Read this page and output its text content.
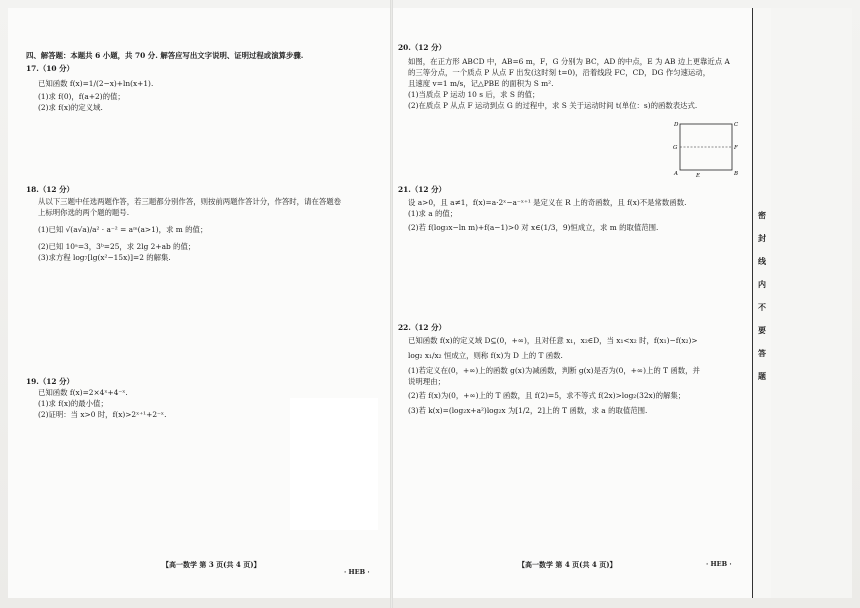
密封线内不要答题
四、解答题：本题共 6 小题，共 70 分. 解答应写出文字说明、证明过程或演算步骤.
17.（10 分）
已知函数 f(x)=1/(2−x)+ln(x+1).
(1)求 f(0)，f(a+2)的值；
(2)求 f(x)的定义域.
18.（12 分）
从以下三题中任选两题作答，若三题都分别作答，则按前两题作答计分，作答时，请在答题卷
上标明你选的两个题的题号.
(1)已知 √(a√a)/a² · a⁻² = aᵐ(a>1)，求 m 的值；
(2)已知 10ᵃ=3，3ᵇ=25，求 2lg 2+ab 的值；
(3)求方程 log₇[lg(x²−15x)]=2 的解集.
19.（12 分）
已知函数 f(x)=2×4ˣ+4⁻ˣ.
(1)求 f(x)的最小值；
(2)证明：当 x>0 时，f(x)>2ˣ⁺¹+2⁻ˣ.
【高一数学 第 3 页(共 4 页)】
· HEB ·
20.（12 分）
如图，在正方形 ABCD 中，AB=6 m，F，G 分别为 BC，AD 的中点，E 为 AB 边上更靠近点 A
的三等分点，一个质点 P 从点 F 出发(这时刻 t=0)，沿着线段 FC，CD，DG 作匀速运动，
且速度 v=1 m/s，记△PBE 的面积为 S m².
(1)当质点 P 运动 10 s 后，求 S 的值；
(2)在质点 P 从点 F 运动到点 G 的过程中，求 S 关于运动时间 t(单位：s)的函数表达式.
D	C
G	F
A	E	B
21.（12 分）
设 a>0，且 a≠1，f(x)=a·2ˣ−a⁻ˣ⁺¹ 是定义在 R 上的奇函数，且 f(x)不是常数函数.
(1)求 a 的值；
(2)若 f(log₃x−ln m)+f(a−1)>0 对 x∈(1/3，9)恒成立，求 m 的取值范围.
22.（12 分）
已知函数 f(x)的定义域 D⊆(0，+∞)，且对任意 x₁，x₂∈D，当 x₁<x₂ 时，f(x₁)−f(x₂)>
log₂ x₁/x₂ 恒成立，则称 f(x)为 D 上的 T 函数.
(1)若定义在(0，+∞)上的函数 g(x)为减函数，判断 g(x)是否为(0，+∞)上的 T 函数，并
说明理由；
(2)若 f(x)为(0，+∞)上的 T 函数，且 f(2)=5，求不等式 f(2x)>log₂(32x)的解集；
(3)若 k(x)=(log₂x+a²)log₂x 为[1/2，2]上的 T 函数，求 a 的取值范围.
【高一数学 第 4 页(共 4 页)】	· HEB ·
